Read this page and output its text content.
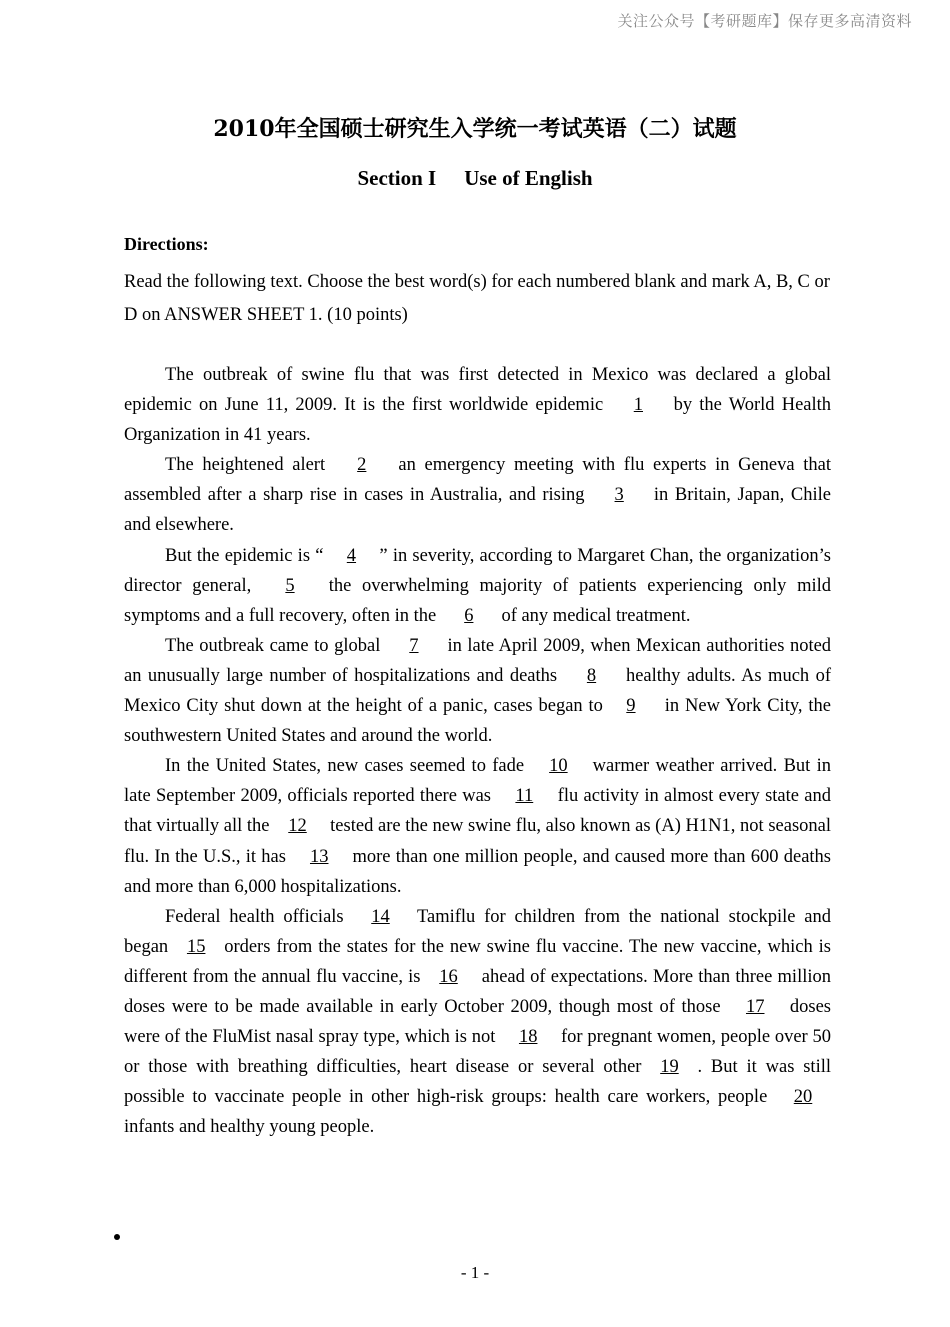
关注公众号【考研题库】保存更多高清资料
2010年全国硕士研究生入学统一考试英语（二）试题
Section I Use of English
Directions:
Read the following text. Choose the best word(s) for each numbered blank and mark A, B, C or D on ANSWER SHEET 1. (10 points)

The outbreak of swine flu that was first detected in Mexico was declared a global epidemic on June 11, 2009. It is the first worldwide epidemic 1 by the World Health Organization in 41 years.

The heightened alert 2 an emergency meeting with flu experts in Geneva that assembled after a sharp rise in cases in Australia, and rising 3 in Britain, Japan, Chile and elsewhere.

But the epidemic is “ 4 ” in severity, according to Margaret Chan, the organization’s director general, 5 the overwhelming majority of patients experiencing only mild symptoms and a full recovery, often in the 6 of any medical treatment.

The outbreak came to global 7 in late April 2009, when Mexican authorities noted an unusually large number of hospitalizations and deaths 8 healthy adults. As much of Mexico City shut down at the height of a panic, cases began to 9 in New York City, the southwestern United States and around the world.

In the United States, new cases seemed to fade 10 warmer weather arrived. But in late September 2009, officials reported there was 11 flu activity in almost every state and that virtually all the 12 tested are the new swine flu, also known as (A) H1N1, not seasonal flu. In the U.S., it has 13 more than one million people, and caused more than 600 deaths and more than 6,000 hospitalizations.

Federal health officials 14 Tamiflu for children from the national stockpile and began 15 orders from the states for the new swine flu vaccine. The new vaccine, which is different from the annual flu vaccine, is 16 ahead of expectations. More than three million doses were to be made available in early October 2009, though most of those 17 doses were of the FluMist nasal spray type, which is not 18 for pregnant women, people over 50 or those with breathing difficulties, heart disease or several other 19 . But it was still possible to vaccinate people in other high-risk groups: health care workers, people 20infants and healthy young people.

- 1 -
